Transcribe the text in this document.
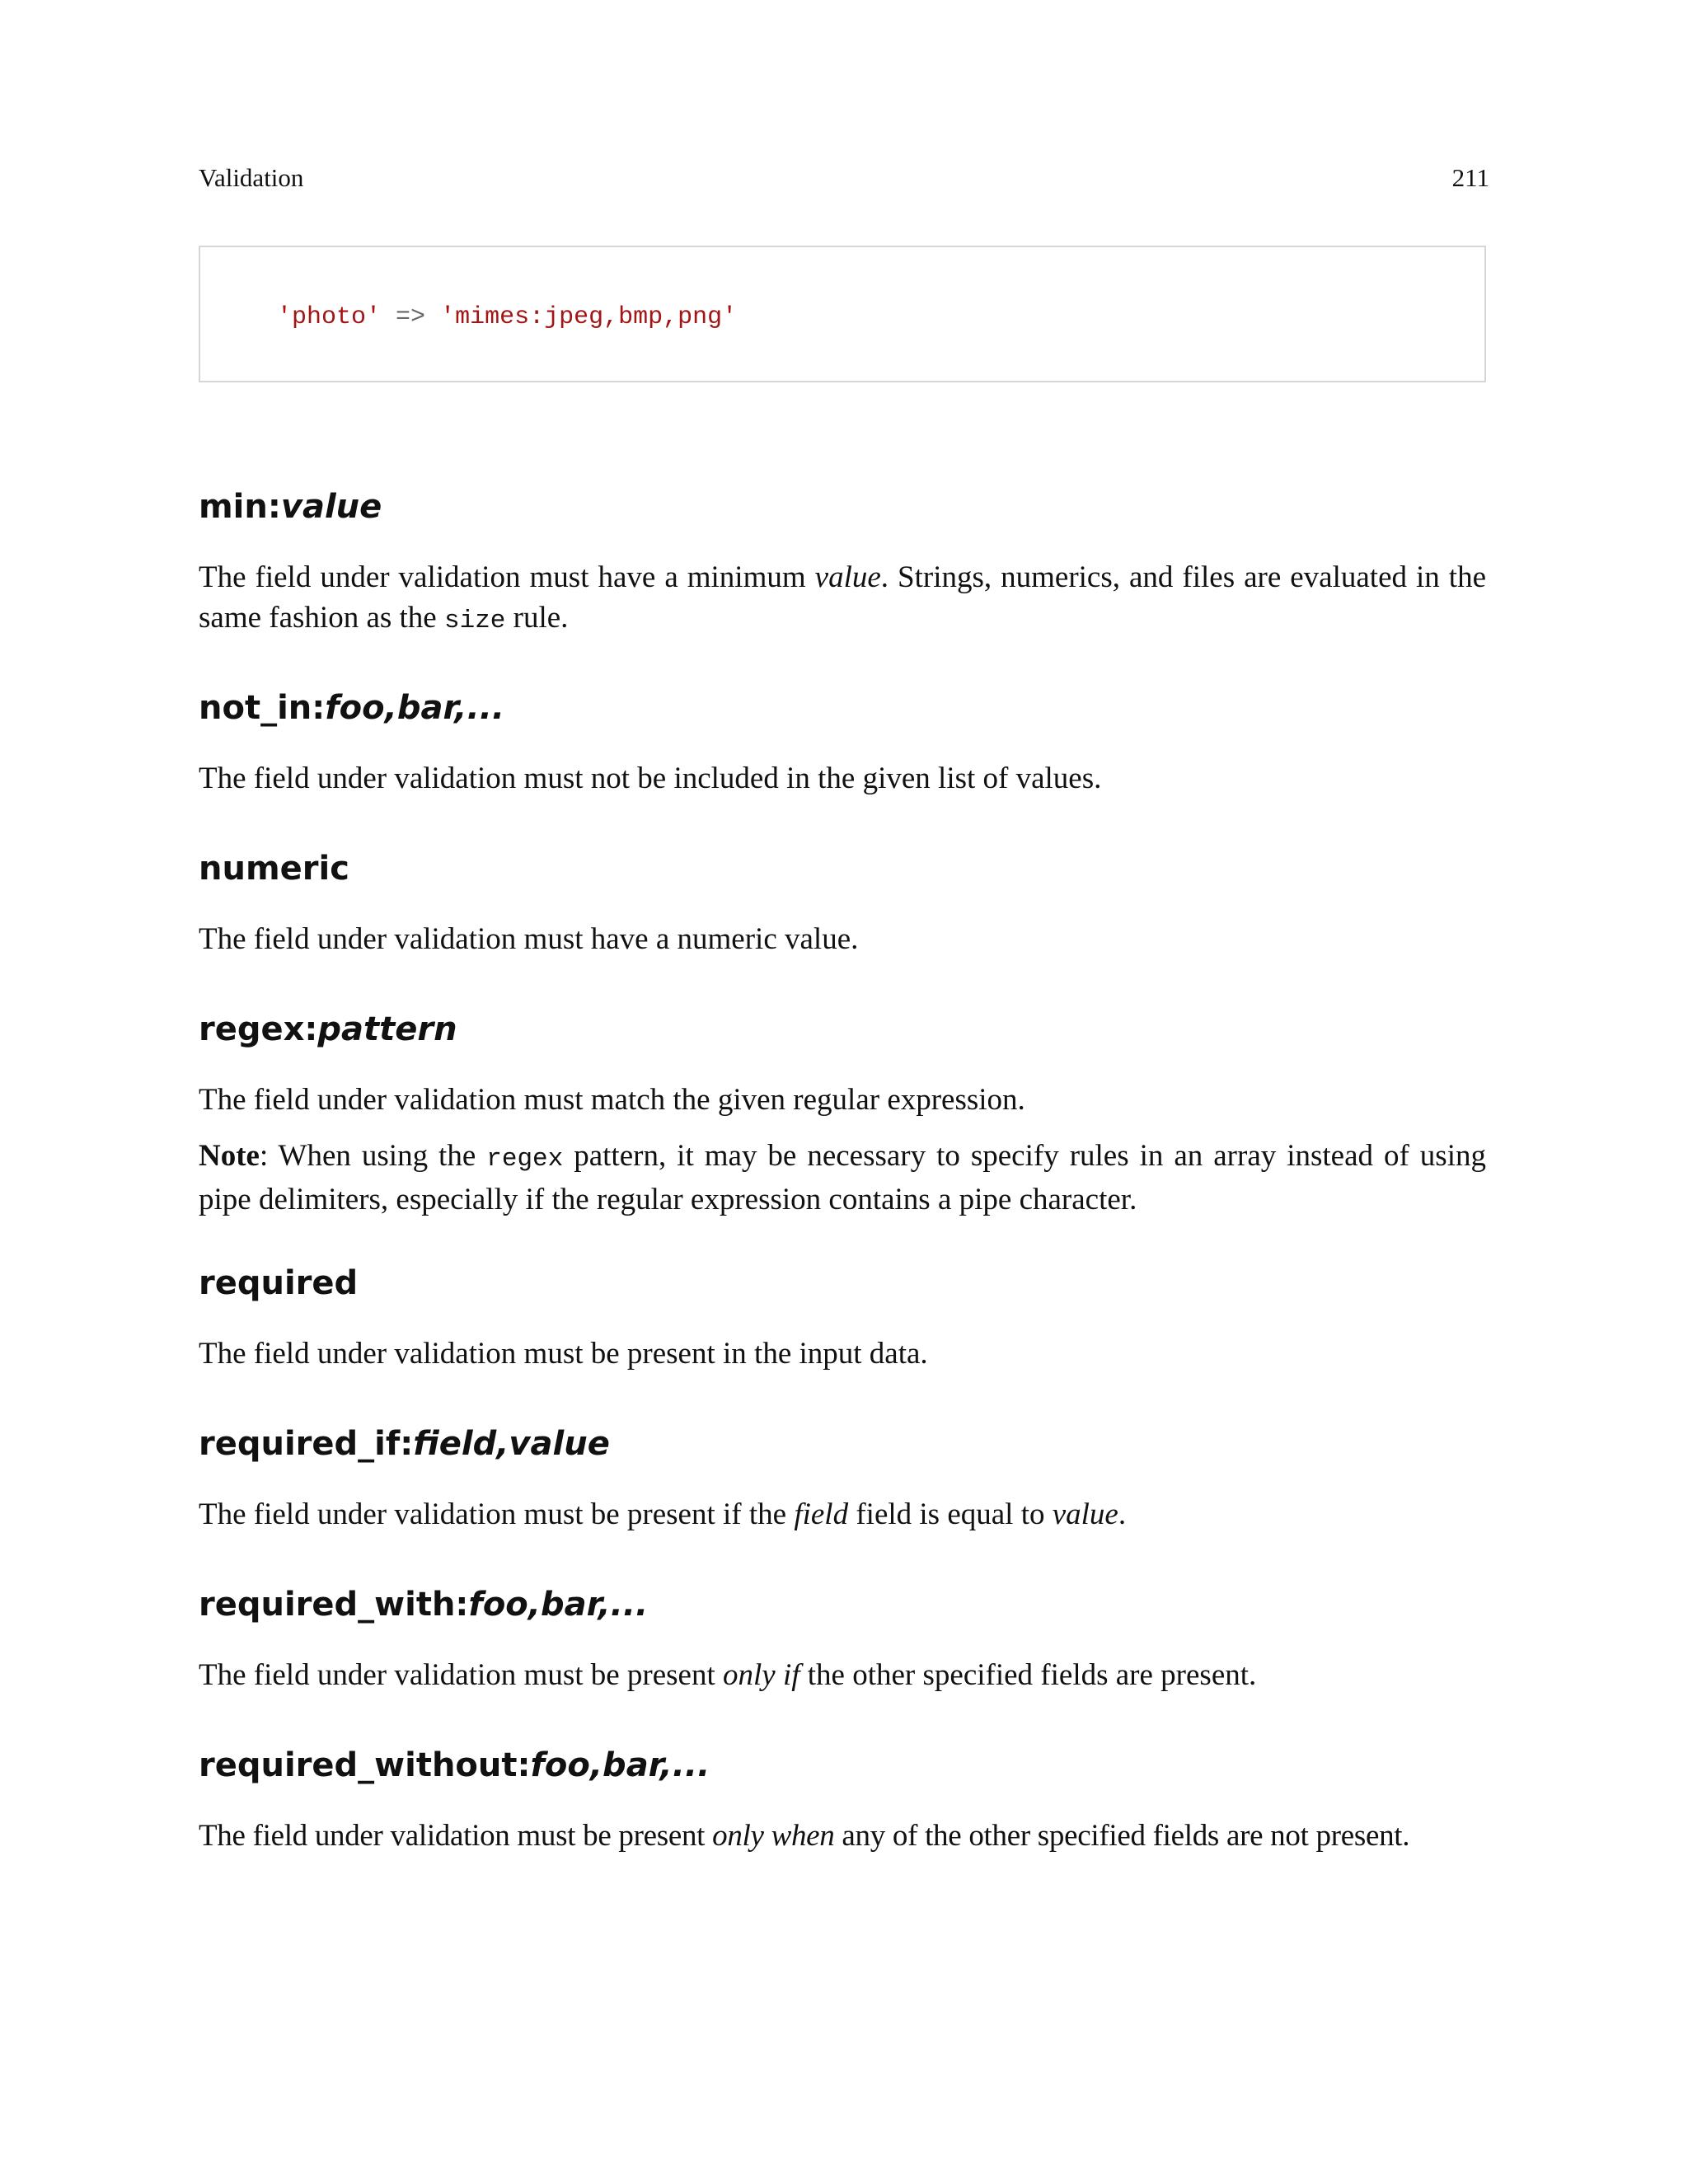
Validation	211
'photo' => 'mimes:jpeg,bmp,png'
min:value
The field under validation must have a minimum value. Strings, numerics, and files are evaluated in the same fashion as the size rule.
not_in:foo,bar,...
The field under validation must not be included in the given list of values.
numeric
The field under validation must have a numeric value.
regex:pattern
The field under validation must match the given regular expression.
Note: When using the regex pattern, it may be necessary to specify rules in an array instead of using pipe delimiters, especially if the regular expression contains a pipe character.
required
The field under validation must be present in the input data.
required_if:field,value
The field under validation must be present if the field field is equal to value.
required_with:foo,bar,...
The field under validation must be present only if the other specified fields are present.
required_without:foo,bar,...
The field under validation must be present only when any of the other specified fields are not present.
